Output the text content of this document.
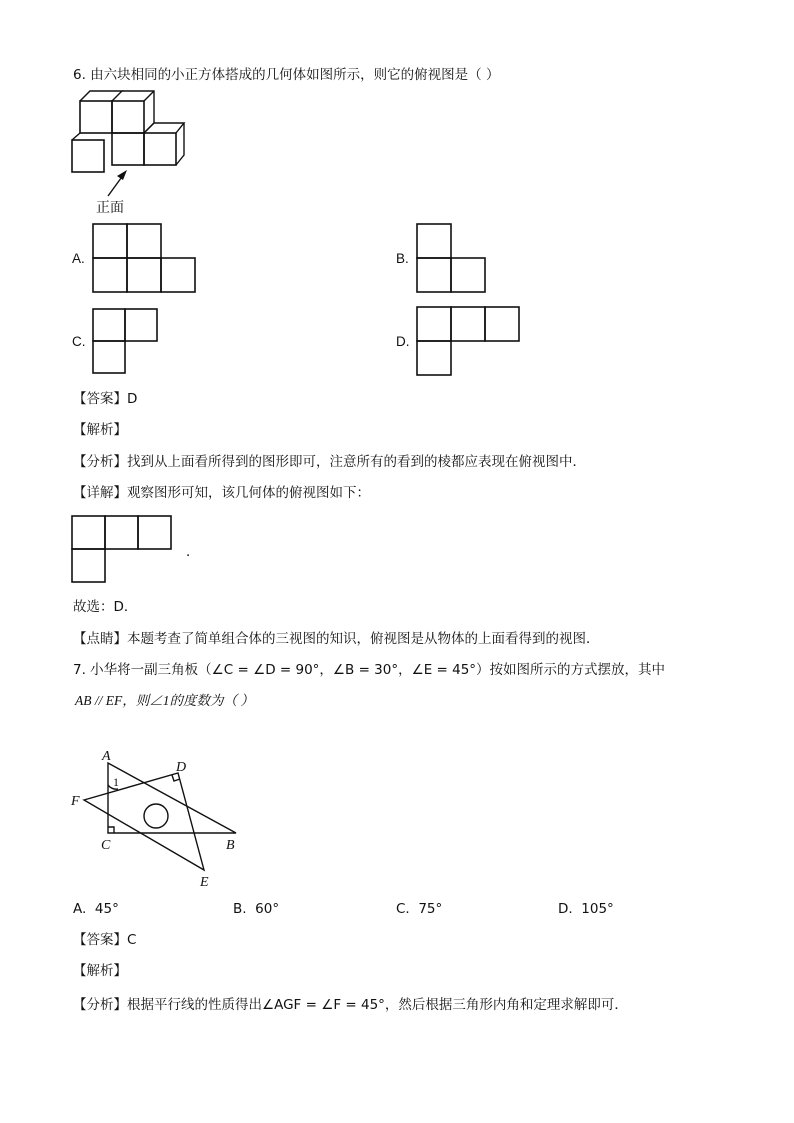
6. 由六块相同的小正方体搭成的几何体如图所示，则它的俯视图是（ ）
正面
A.	B.
C.	D.
【答案】D
【解析】
【分析】找到从上面看所得到的图形即可，注意所有的看到的棱都应表现在俯视图中．
【详解】观察图形可知，该几何体的俯视图如下：
．
故选：D．
【点睛】本题考查了简单组合体的三视图的知识，俯视图是从物体的上面看得到的视图．
7. 小华将一副三角板（∠C = ∠D = 90°，∠B = 30°，∠E = 45°）按如图所示的方式摆放，其中
AB // EF，则∠1的度数为（ ）
A
D
F
C	B
E
1
A. 45°	B. 60°	C. 75°	D. 105°
【答案】C
【解析】
【分析】根据平行线的性质得出∠AGF = ∠F = 45°，然后根据三角形内角和定理求解即可．
